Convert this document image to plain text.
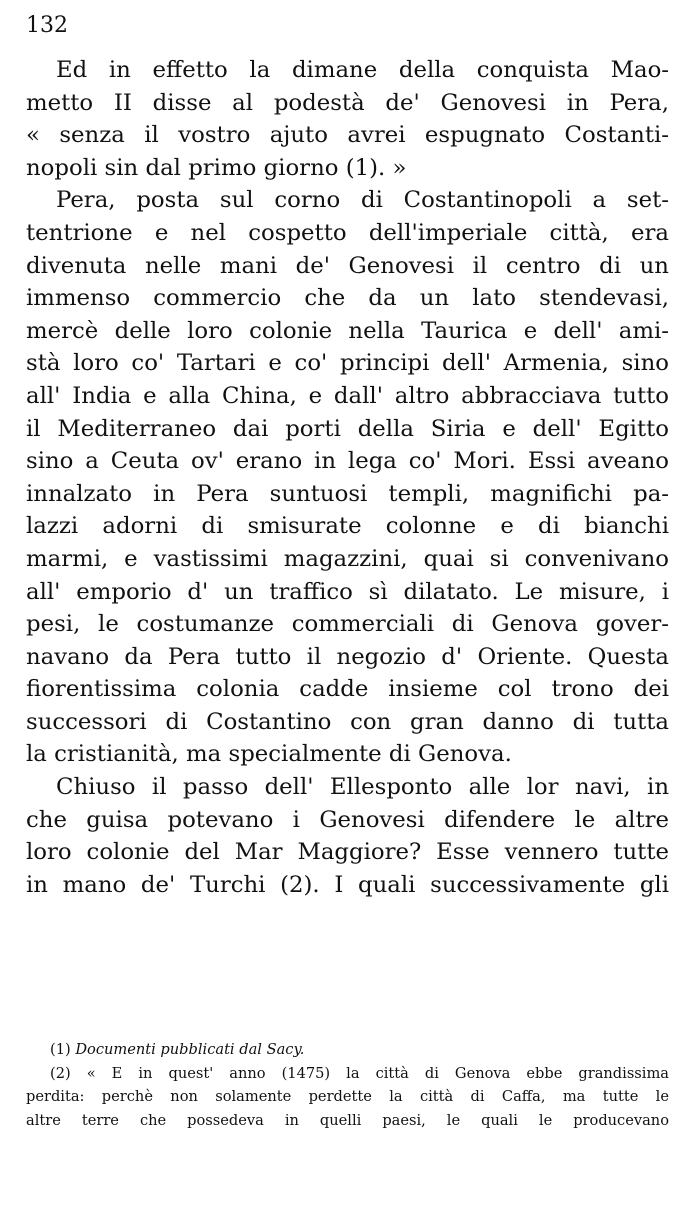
132
Ed in effetto la dimane della conquista Mao-
metto II disse al podestà de' Genovesi in Pera,
« senza il vostro ajuto avrei espugnato Costanti-
nopoli sin dal primo giorno (1). »
Pera, posta sul corno di Costantinopoli a set-
tentrione e nel cospetto dell'imperiale città, era
divenuta nelle mani de' Genovesi il centro di un
immenso commercio che da un lato stendevasi,
mercè delle loro colonie nella Taurica e dell' ami-
stà loro co' Tartari e co' principi dell' Armenia, sino
all' India e alla China, e dall' altro abbracciava tutto
il Mediterraneo dai porti della Siria e dell' Egitto
sino a Ceuta ov' erano in lega co' Mori. Essi aveano
innalzato in Pera suntuosi templi, magnifichi pa-
lazzi adorni di smisurate colonne e di bianchi
marmi, e vastissimi magazzini, quai si convenivano
all' emporio d' un traffico sì dilatato. Le misure, i
pesi, le costumanze commerciali di Genova gover-
navano da Pera tutto il negozio d' Oriente. Questa
fiorentissima colonia cadde insieme col trono dei
successori di Costantino con gran danno di tutta
la cristianità, ma specialmente di Genova.
Chiuso il passo dell' Ellesponto alle lor navi, in
che guisa potevano i Genovesi difendere le altre
loro colonie del Mar Maggiore? Esse vennero tutte
in mano de' Turchi (2). I quali successivamente gli
(1) Documenti pubblicati dal Sacy.
(2) « E in quest' anno (1475) la città di Genova ebbe grandissima
perdita: perchè non solamente perdette la città di Caffa, ma tutte le
altre terre che possedeva in quelli paesi, le quali le producevano
